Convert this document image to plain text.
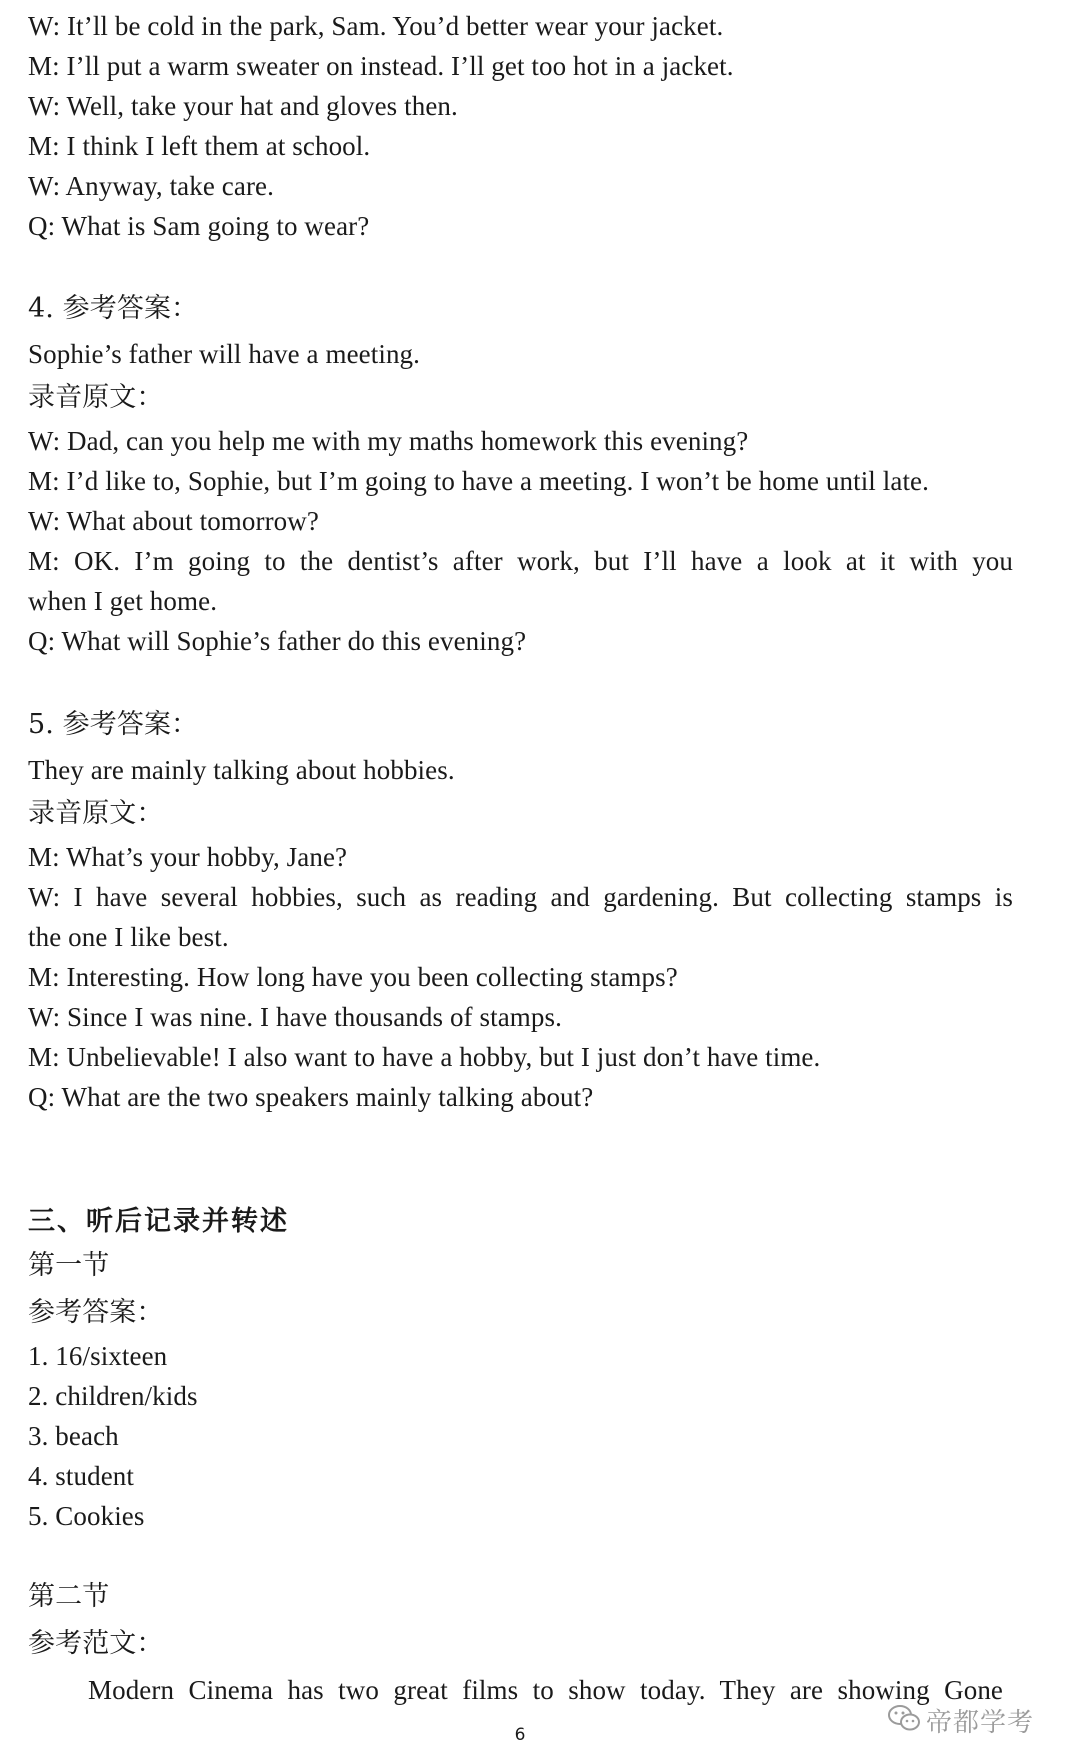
W: It’ll be cold in the park, Sam. You’d better wear your jacket.
M: I’ll put a warm sweater on instead. I’ll get too hot in a jacket.
W: Well, take your hat and gloves then.
M: I think I left them at school.
W: Anyway, take care.
Q: What is Sam going to wear?
4. 参考答案：
Sophie’s father will have a meeting.
录音原文：
W: Dad, can you help me with my maths homework this evening?
M: I’d like to, Sophie, but I’m going to have a meeting. I won’t be home until late.
W: What about tomorrow?
M: OK. I’m going to the dentist’s after work, but I’ll have a look at it with you
when I get home.
Q: What will Sophie’s father do this evening?
5. 参考答案：
They are mainly talking about hobbies.
录音原文：
M: What’s your hobby, Jane?
W: I have several hobbies, such as reading and gardening. But collecting stamps is
the one I like best.
M: Interesting. How long have you been collecting stamps?
W: Since I was nine. I have thousands of stamps.
M: Unbelievable! I also want to have a hobby, but I just don’t have time.
Q: What are the two speakers mainly talking about?
三、听后记录并转述
第一节
参考答案：
1. 16/sixteen
2. children/kids
3. beach
4. student
5. Cookies
第二节
参考范文：
Modern Cinema has two great films to show today. They are showing Gone
6	帝都学考
